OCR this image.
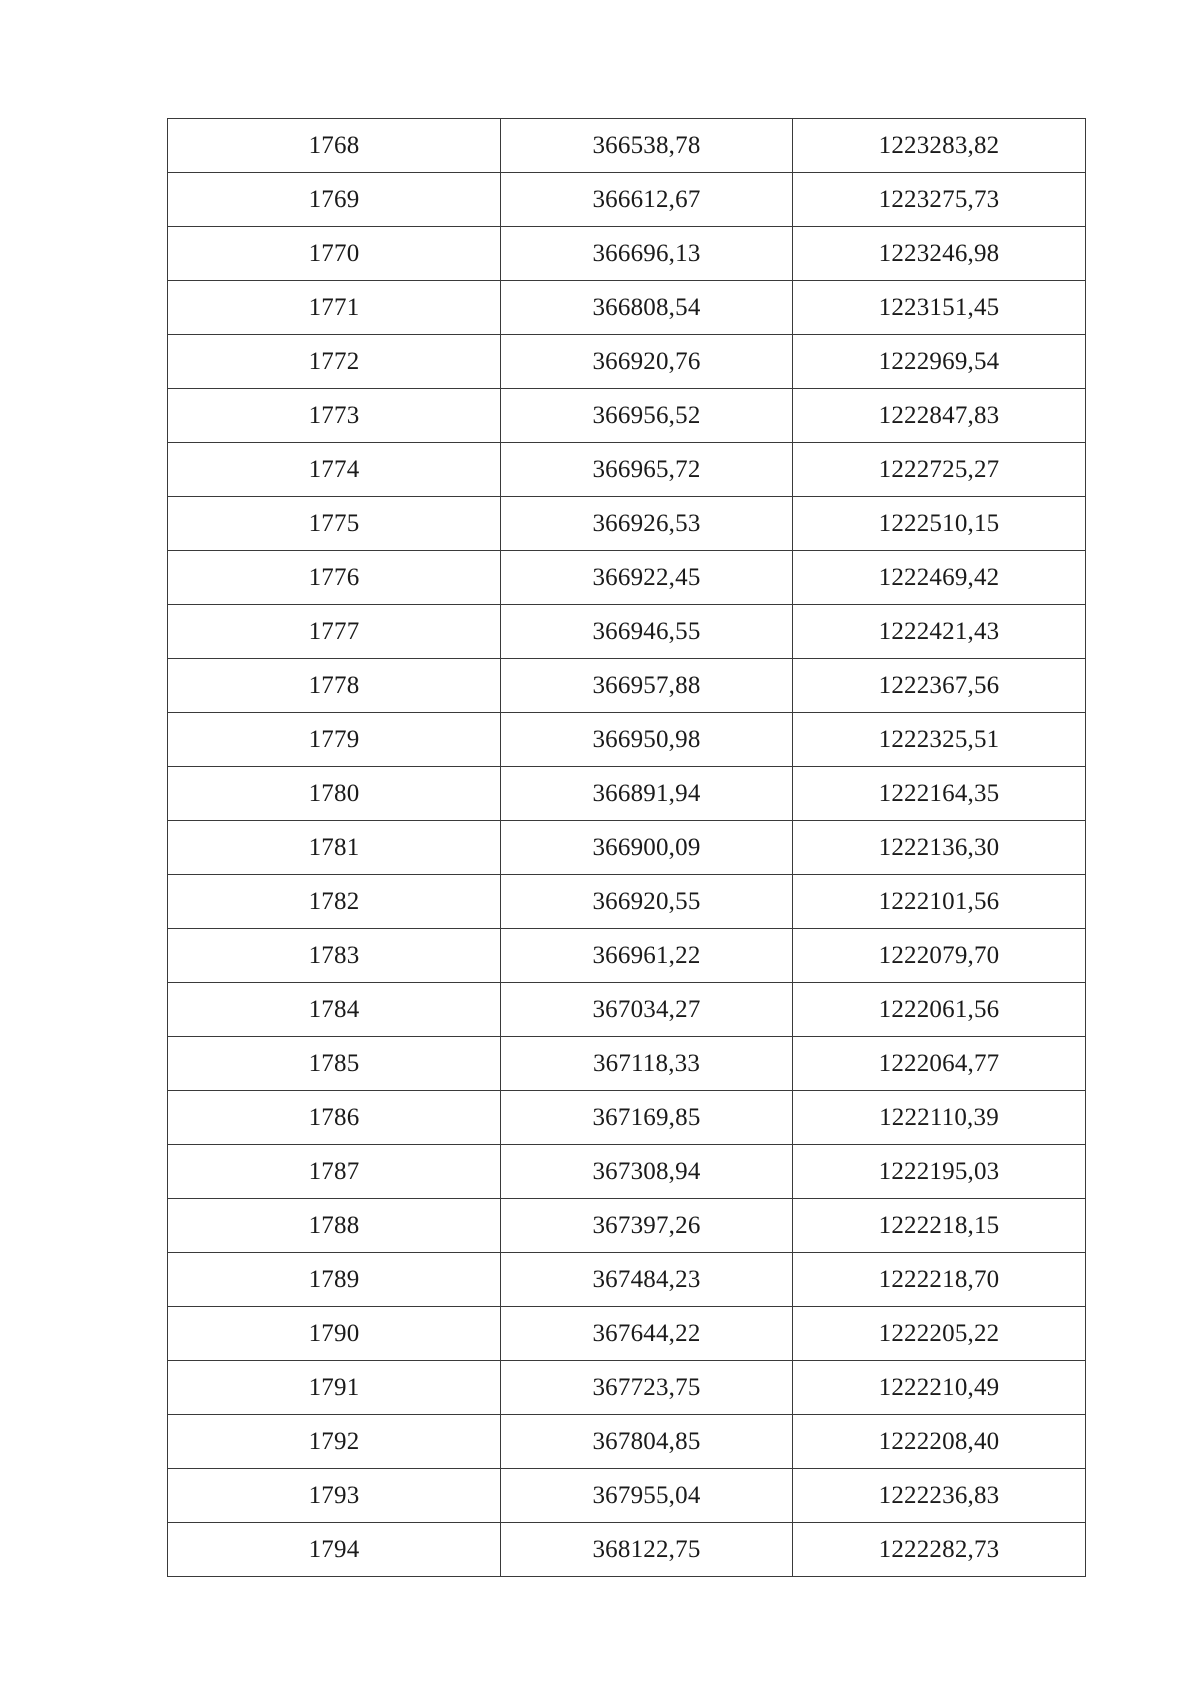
1768	366538,78	1223283,82
1769	366612,67	1223275,73
1770	366696,13	1223246,98
1771	366808,54	1223151,45
1772	366920,76	1222969,54
1773	366956,52	1222847,83
1774	366965,72	1222725,27
1775	366926,53	1222510,15
1776	366922,45	1222469,42
1777	366946,55	1222421,43
1778	366957,88	1222367,56
1779	366950,98	1222325,51
1780	366891,94	1222164,35
1781	366900,09	1222136,30
1782	366920,55	1222101,56
1783	366961,22	1222079,70
1784	367034,27	1222061,56
1785	367118,33	1222064,77
1786	367169,85	1222110,39
1787	367308,94	1222195,03
1788	367397,26	1222218,15
1789	367484,23	1222218,70
1790	367644,22	1222205,22
1791	367723,75	1222210,49
1792	367804,85	1222208,40
1793	367955,04	1222236,83
1794	368122,75	1222282,73
